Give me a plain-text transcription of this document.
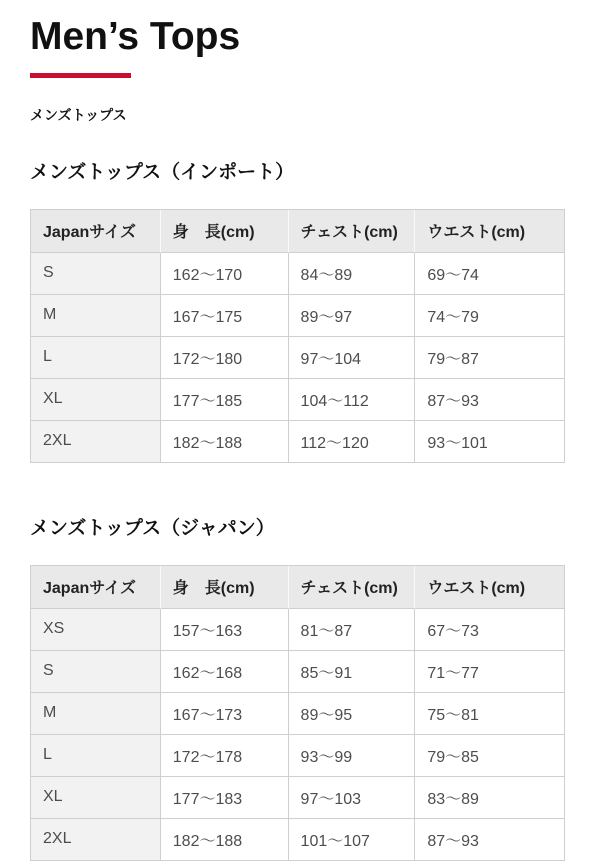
Men’s Tops
メンズトップス
メンズトップス（インポート）
Japanサイズ	身　長(cm)	チェスト(cm)	ウエスト(cm)
S	162〜170	84〜89	69〜74
M	167〜175	89〜97	74〜79
L	172〜180	97〜104	79〜87
XL	177〜185	104〜112	87〜93
2XL	182〜188	112〜120	93〜101
メンズトップス（ジャパン）
Japanサイズ	身　長(cm)	チェスト(cm)	ウエスト(cm)
XS	157〜163	81〜87	67〜73
S	162〜168	85〜91	71〜77
M	167〜173	89〜95	75〜81
L	172〜178	93〜99	79〜85
XL	177〜183	97〜103	83〜89
2XL	182〜188	101〜107	87〜93
